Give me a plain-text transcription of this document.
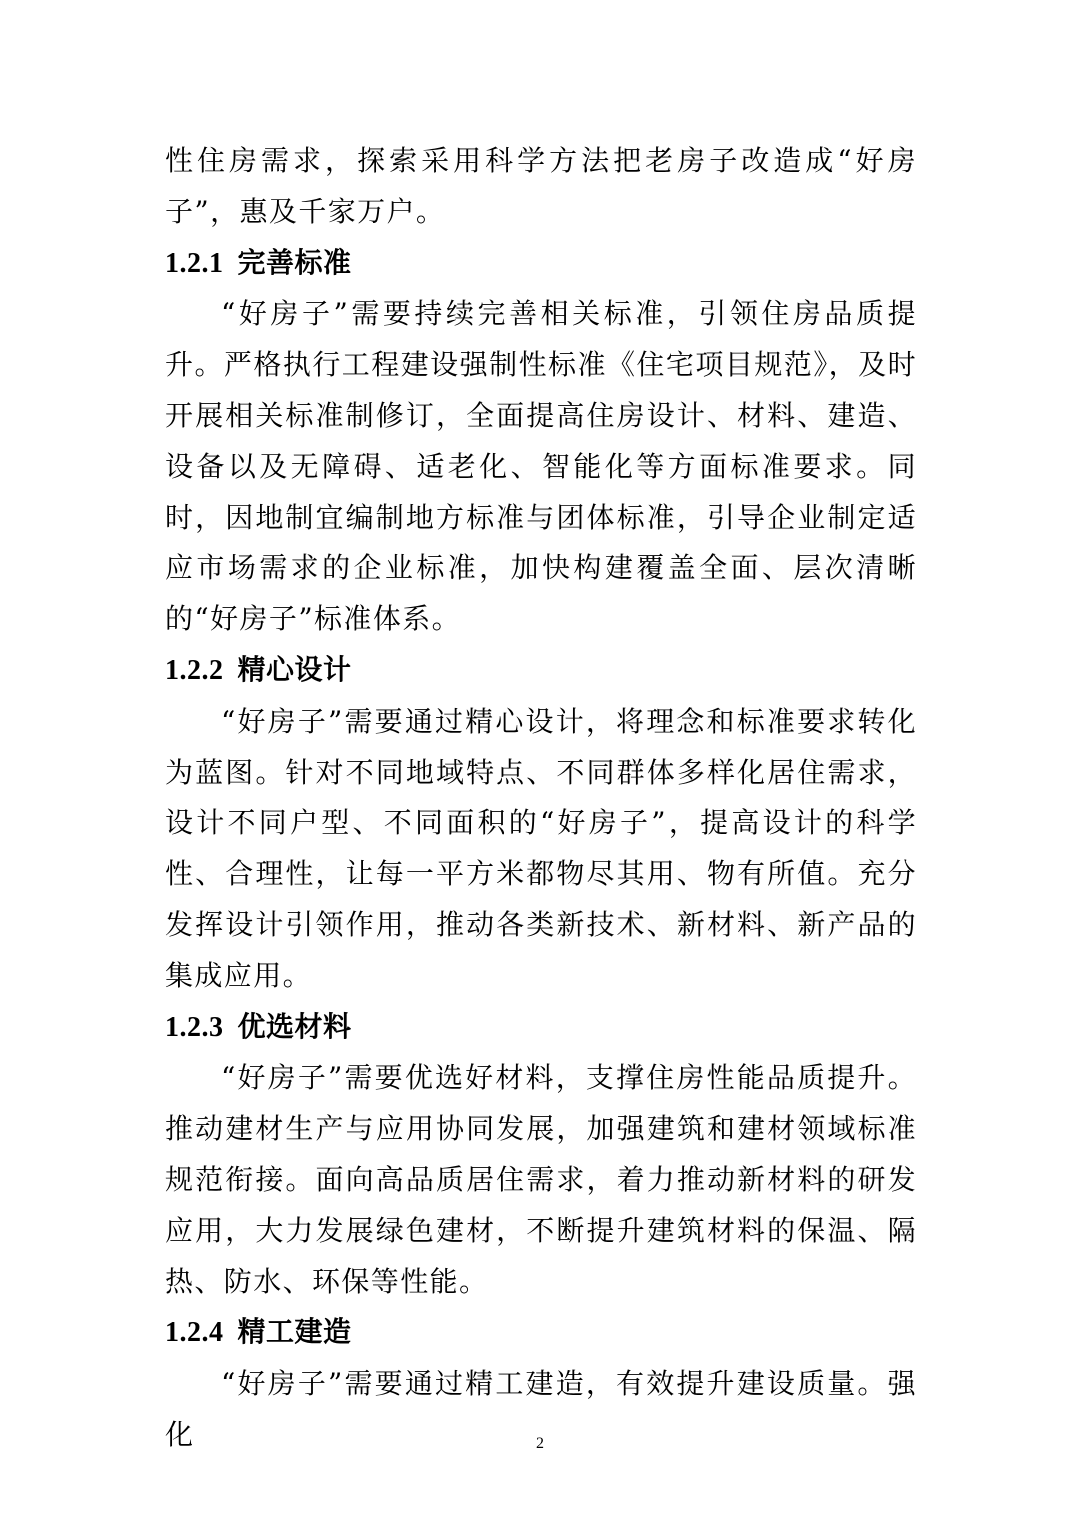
性住房需求，探索采用科学方法把老房子改造成“好房子”，惠及千家万户。

1.2.1 完善标准

“好房子”需要持续完善相关标准，引领住房品质提升。严格执行工程建设强制性标准《住宅项目规范》，及时开展相关标准制修订，全面提高住房设计、材料、建造、设备以及无障碍、适老化、智能化等方面标准要求。同时，因地制宜编制地方标准与团体标准，引导企业制定适应市场需求的企业标准，加快构建覆盖全面、层次清晰的“好房子”标准体系。

1.2.2 精心设计

“好房子”需要通过精心设计，将理念和标准要求转化为蓝图。针对不同地域特点、不同群体多样化居住需求，设计不同户型、不同面积的“好房子”，提高设计的科学性、合理性，让每一平方米都物尽其用、物有所值。充分发挥设计引领作用，推动各类新技术、新材料、新产品的集成应用。

1.2.3 优选材料

“好房子”需要优选好材料，支撑住房性能品质提升。推动建材生产与应用协同发展，加强建筑和建材领域标准规范衔接。面向高品质居住需求，着力推动新材料的研发应用，大力发展绿色建材，不断提升建筑材料的保温、隔热、防水、环保等性能。

1.2.4 精工建造

“好房子”需要通过精工建造，有效提升建设质量。强化	2
